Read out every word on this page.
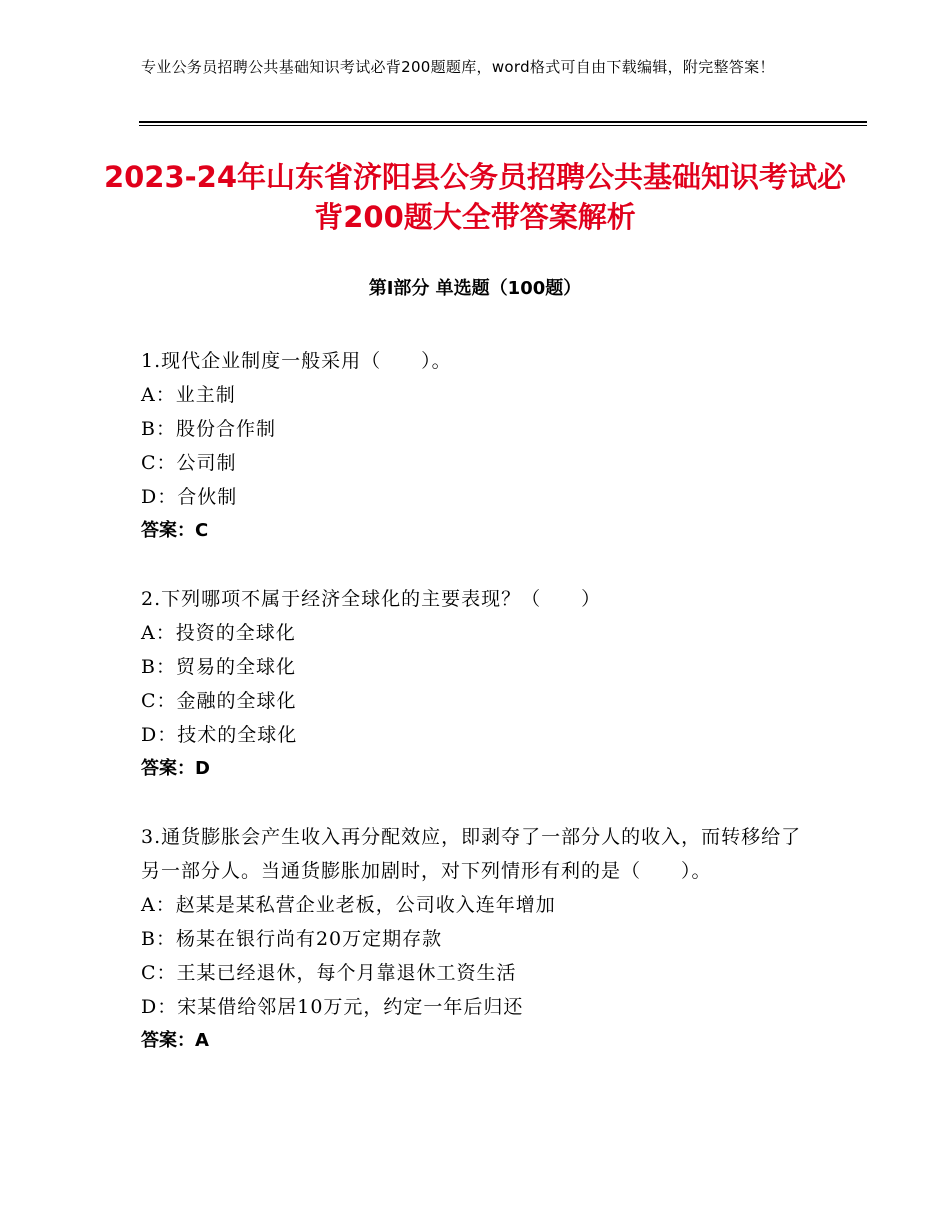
专业公务员招聘公共基础知识考试必背200题题库，word格式可自由下载编辑，附完整答案！
2023-24年山东省济阳县公务员招聘公共基础知识考试必背200题大全带答案解析
第Ⅰ部分 单选题（100题）
1.现代企业制度一般采用（　　）。
A：业主制
B：股份合作制
C：公司制
D：合伙制
答案：C
2.下列哪项不属于经济全球化的主要表现？（　　）
A：投资的全球化
B：贸易的全球化
C：金融的全球化
D：技术的全球化
答案：D
3.通货膨胀会产生收入再分配效应，即剥夺了一部分人的收入，而转移给了另一部分人。当通货膨胀加剧时，对下列情形有利的是（　　）。
A：赵某是某私营企业老板，公司收入连年增加
B：杨某在银行尚有20万定期存款
C：王某已经退休，每个月靠退休工资生活
D：宋某借给邻居10万元，约定一年后归还
答案：A
